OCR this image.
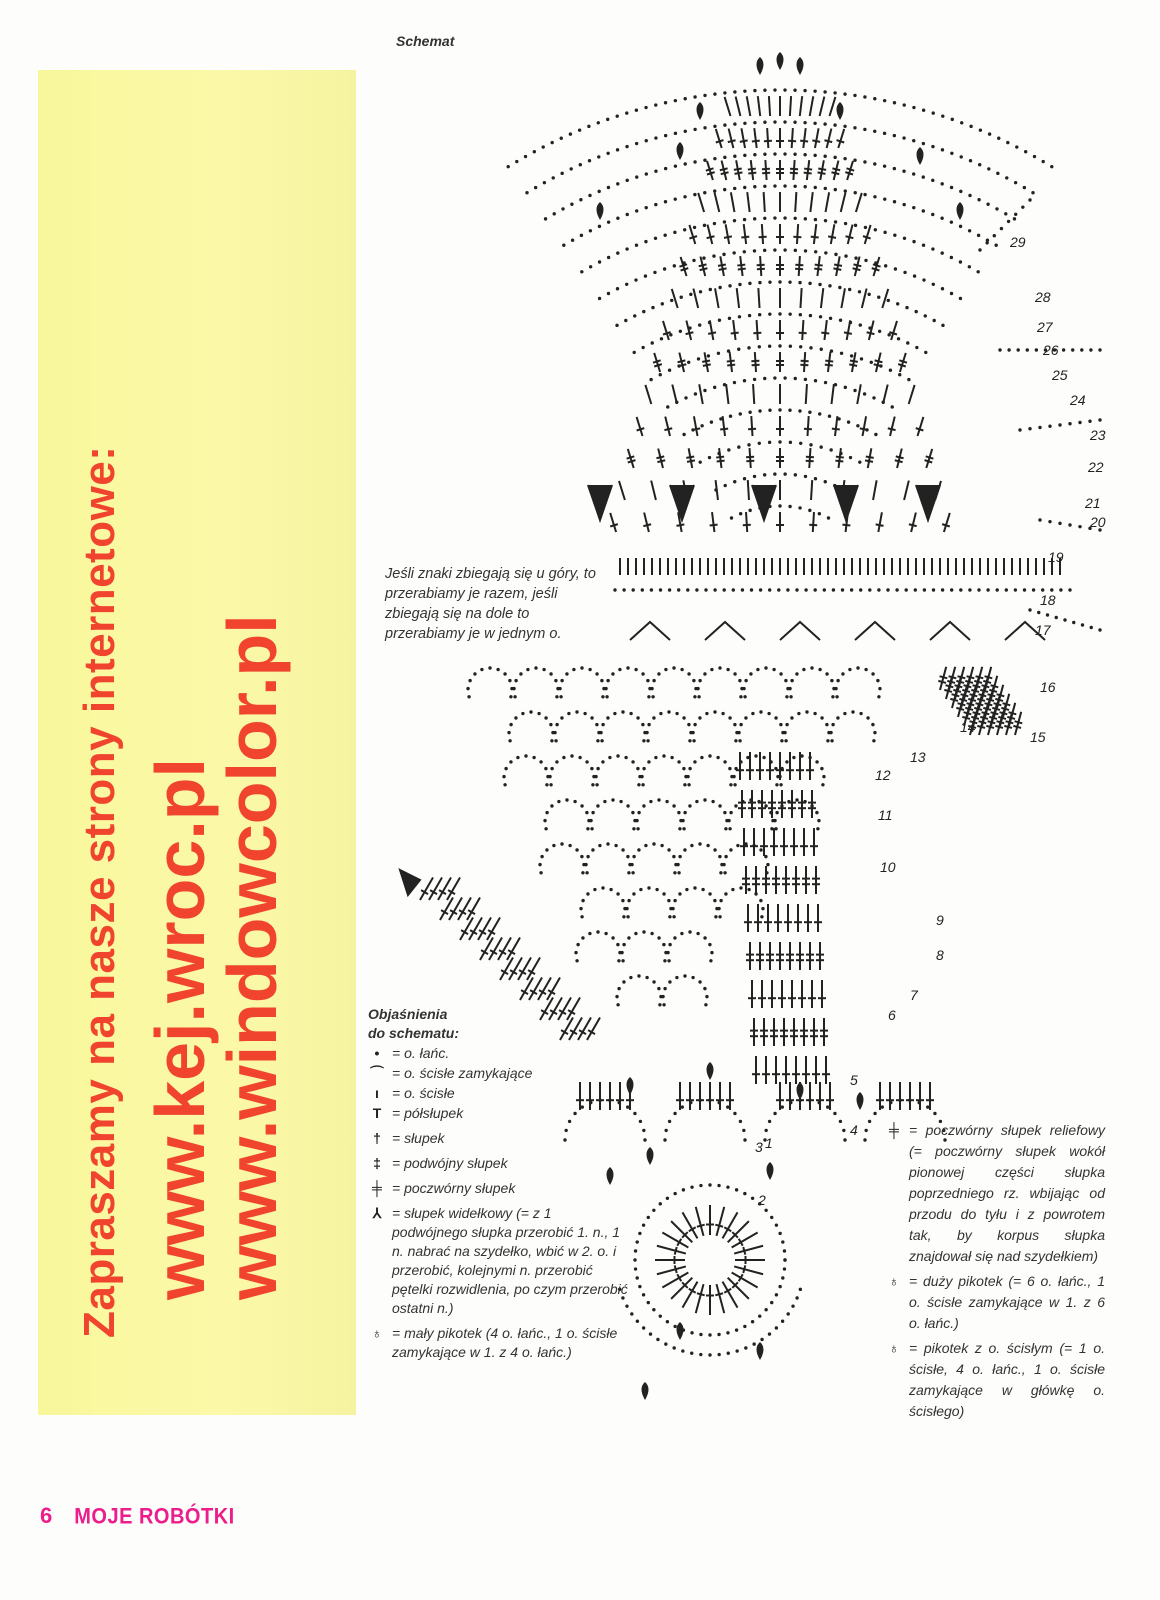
Zapraszamy na nasze strony internetowe: www.kej.wroc.pl
www.windowcolor.pl
Schemat
1
2
3
4
5
6
7
8
9
10
11
12
13
14
15
16
17
18
19
20
21
22
23
24
25
26
27
28
29
Jeśli znaki zbiegają się u góry, to przerabiamy je razem, jeśli zbiegają się na dole to przerabiamy je w jednym o.
Objaśnienia
do schematu:
• = o. łańc.
⌒ = o. ścisłe zamykające
ı = o. ścisłe
T = półsłupek
† = słupek
‡ = podwójny słupek
╪ = poczwórny słupek
⅄ = słupek widełkowy (= z 1 podwójnego słupka przerobić 1. n., 1 n. nabrać na szydełko, wbić w 2. o. i przerobić, kolejnymi n. przerobić pętelki rozwidlenia, po czym przerobić ostatni n.)
♁ = mały pikotek (4 o. łańc., 1 o. ścisłe zamykające w 1. z 4 o. łańc.)
╪ = poczwórny słupek reliefowy (= poczwórny słupek wokół pionowej części słupka poprzedniego rz. wbijając od przodu do tyłu i z powrotem tak, by korpus słupka znajdował się nad szydełkiem)
♁ = duży pikotek (= 6 o. łańc., 1 o. ścisłe zamykające w 1. z 6 o. łańc.)
♁ = pikotek z o. ścisłym (= 1 o. ścisłe, 4 o. łańc., 1 o. ścisłe zamykające w główkę o. ścisłego)
6 MOJE ROBÓTKI
